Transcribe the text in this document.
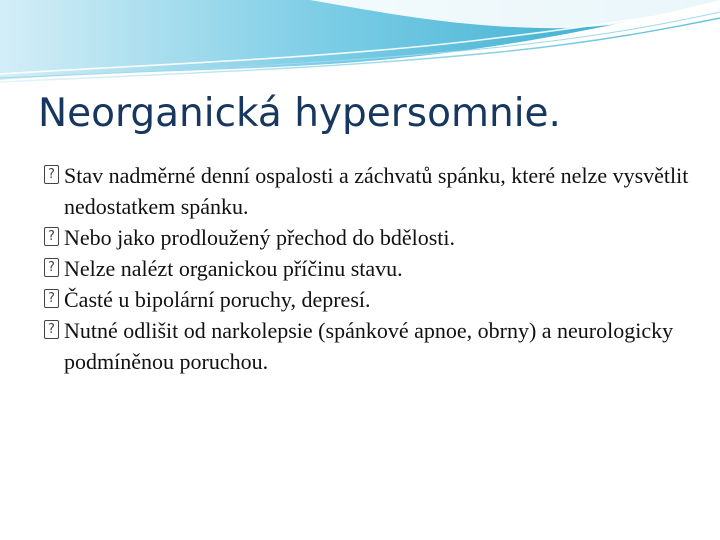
Neorganická hypersomnie.
? Stav nadměrné denní ospalosti a záchvatů spánku, které nelze vysvětlit nedostatkem spánku.
? Nebo jako prodloužený přechod do bdělosti.
? Nelze nalézt organickou příčinu stavu.
? Časté u bipolární poruchy, depresí.
? Nutné odlišit od narkolepsie (spánkové apnoe, obrny) a neurologicky podmíněnou poruchou.
